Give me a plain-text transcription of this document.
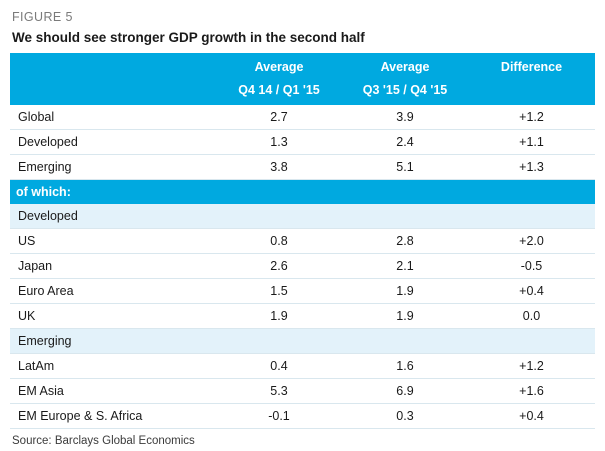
FIGURE 5
We should see stronger GDP growth in the second half
	Average	Average	Difference
	Q4 14 / Q1 '15	Q3 '15 / Q4 '15	
Global	2.7	3.9	+1.2
Developed	1.3	2.4	+1.1
Emerging	3.8	5.1	+1.3
of which:			
Developed			
US	0.8	2.8	+2.0
Japan	2.6	2.1	-0.5
Euro Area	1.5	1.9	+0.4
UK	1.9	1.9	0.0
Emerging			
LatAm	0.4	1.6	+1.2
EM Asia	5.3	6.9	+1.6
EM Europe & S. Africa	-0.1	0.3	+0.4
Source: Barclays Global Economics
